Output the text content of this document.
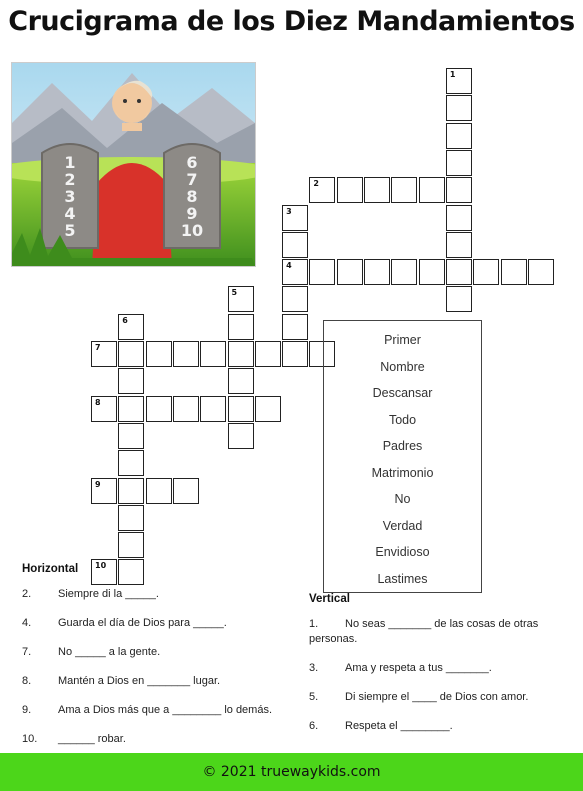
Crucigrama de los Diez Mandamientos
1
2
3
4
5
6
7
8
9
10
2
4
7
8
9
10
1
3
5
6
Primer
Nombre
Descansar
Todo
Padres
Matrimonio
No
Verdad
Envidioso
Lastimes
Horizontal
2.	Siempre di la _____.
4.	Guarda el día de Dios para _____.
7.	No _____ a la gente.
8.	Mantén a Dios en _______ lugar.
9.	Ama a Dios más que a ________ lo demás.
10.	______ robar.
Vertical
1. No seas _______ de las cosas de otras personas.
3.	Ama y respeta a tus _______.
5.	Di siempre el ____ de Dios con amor.
6.	Respeta el ________.
© 2021 truewaykids.com
